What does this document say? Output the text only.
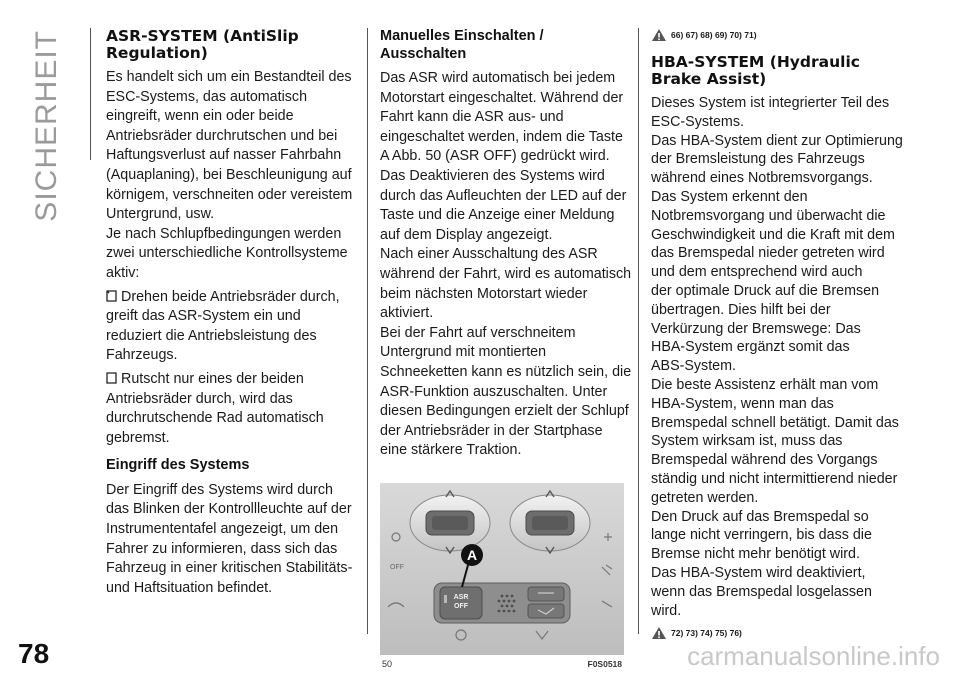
SICHERHEIT
78
ASR-SYSTEM (AntiSlip
Regulation)

Es handelt sich um ein Bestandteil des
ESC-Systems, das automatisch
eingreift, wenn ein oder beide
Antriebsräder durchrutschen und bei
Haftungsverlust auf nasser Fahrbahn
(Aquaplaning), bei Beschleunigung auf
körnigem, verschneiten oder vereistem
Untergrund, usw.
Je nach Schlupfbedingungen werden
zwei unterschiedliche Kontrollsysteme
aktiv:

Drehen beide Antriebsräder durch,
greift das ASR-System ein und
reduziert die Antriebsleistung des
Fahrzeugs.

Rutscht nur eines der beiden
Antriebsräder durch, wird das
durchrutschende Rad automatisch
gebremst.

Eingriff des Systems

Der Eingriff des Systems wird durch
das Blinken der Kontrollleuchte auf der
Instrumententafel angezeigt, um den
Fahrer zu informieren, dass sich das
Fahrzeug in einer kritischen Stabilitäts-
und Haftsituation befindet.

Manuelles Einschalten /
Ausschalten

Das ASR wird automatisch bei jedem
Motorstart eingeschaltet. Während der
Fahrt kann die ASR aus- und
eingeschaltet werden, indem die Taste
A Abb. 50 (ASR OFF) gedrückt wird.
Das Deaktivieren des Systems wird
durch das Aufleuchten der LED auf der
Taste und die Anzeige einer Meldung
auf dem Display angezeigt.
Nach einer Ausschaltung des ASR
während der Fahrt, wird es automatisch
beim nächsten Motorstart wieder
aktiviert.
Bei der Fahrt auf verschneitem
Untergrund mit montierten
Schneeketten kann es nützlich sein, die
ASR-Funktion auszuschalten. Unter
diesen Bedingungen erzielt der Schlupf
der Antriebsräder in der Startphase
eine stärkere Traktion.

OFF
ASR
OFF
A
50	F0S0518
66) 67) 68) 69) 70) 71)
HBA-SYSTEM (Hydraulic
Brake Assist)

Dieses System ist integrierter Teil des
ESC-Systems.
Das HBA-System dient zur Optimierung
der Bremsleistung des Fahrzeugs
während eines Notbremsvorgangs.
Das System erkennt den
Notbremsvorgang und überwacht die
Geschwindigkeit und die Kraft mit dem
das Bremspedal nieder getreten wird
und dem entsprechend wird auch
der optimale Druck auf die Bremsen
übertragen. Dies hilft bei der
Verkürzung der Bremswege: Das
HBA-System ergänzt somit das
ABS-System.
Die beste Assistenz erhält man vom
HBA-System, wenn man das
Bremspedal schnell betätigt. Damit das
System wirksam ist, muss das
Bremspedal während des Vorgangs
ständig und nicht intermittierend nieder
getreten werden.
Den Druck auf das Bremspedal so
lange nicht verringern, bis dass die
Bremse nicht mehr benötigt wird.
Das HBA-System wird deaktiviert,
wenn das Bremspedal losgelassen
wird.

72) 73) 74) 75) 76)
carmanualsonline.info
